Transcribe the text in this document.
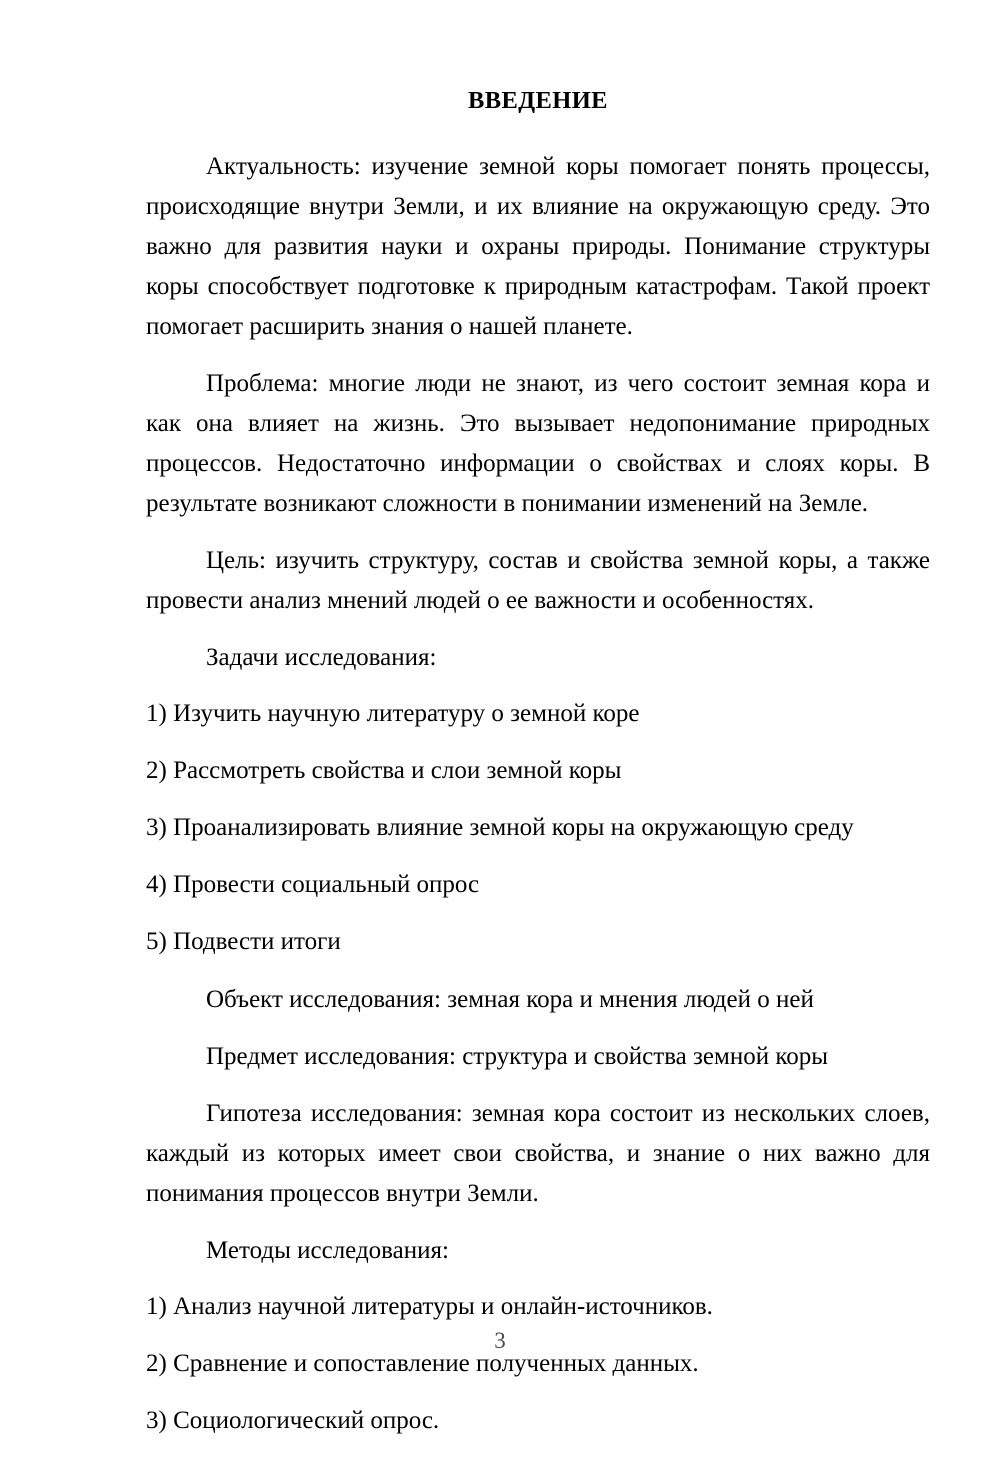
ВВЕДЕНИЕ

Актуальность: изучение земной коры помогает понять процессы, происходящие внутри Земли, и их влияние на окружающую среду. Это важно для развития науки и охраны природы. Понимание структуры коры способствует подготовке к природным катастрофам. Такой проект помогает расширить знания о нашей планете.

Проблема: многие люди не знают, из чего состоит земная кора и как она влияет на жизнь. Это вызывает недопонимание природных процессов. Недостаточно информации о свойствах и слоях коры. В результате возникают сложности в понимании изменений на Земле.

Цель: изучить структуру, состав и свойства земной коры, а также провести анализ мнений людей о ее важности и особенностях.

Задачи исследования:

1) Изучить научную литературу о земной коре
2) Рассмотреть свойства и слои земной коры
3) Проанализировать влияние земной коры на окружающую среду
4) Провести социальный опрос
5) Подвести итоги

Объект исследования: земная кора и мнения людей о ней

Предмет исследования: структура и свойства земной коры

Гипотеза исследования: земная кора состоит из нескольких слоев, каждый из которых имеет свои свойства, и знание о них важно для понимания процессов внутри Земли.

Методы исследования:

1) Анализ научной литературы и онлайн-источников.
2) Сравнение и сопоставление полученных данных.
3) Социологический опрос.
3
